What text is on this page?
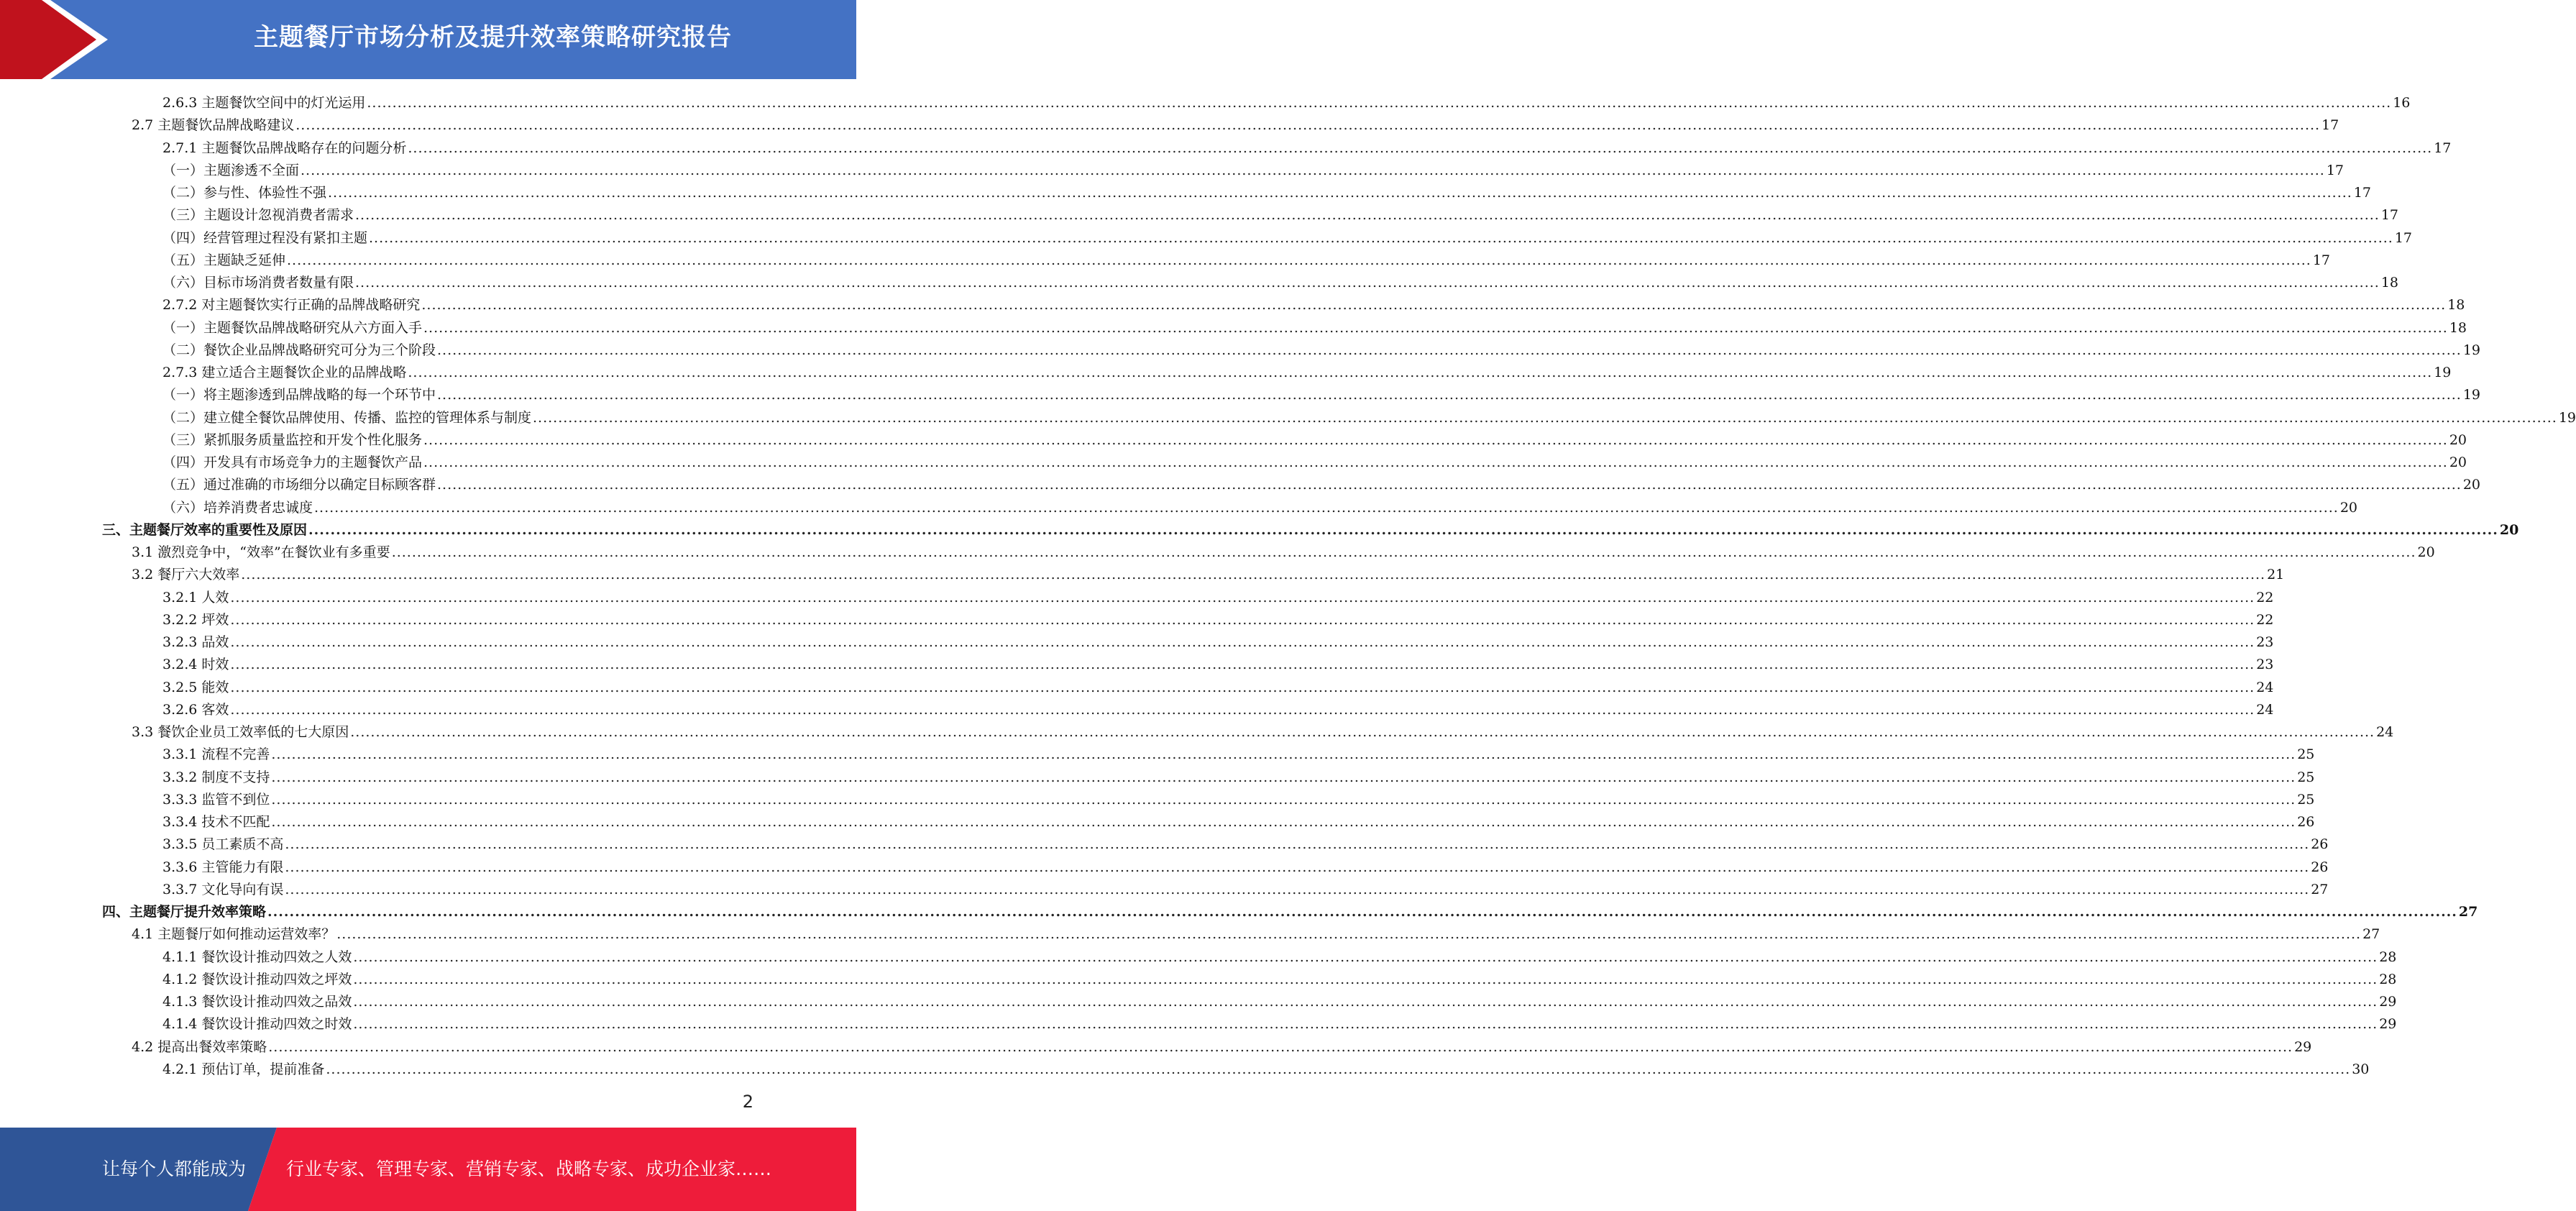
主题餐厅市场分析及提升效率策略研究报告
2.6.3 主题餐饮空间中的灯光运用 ................................................................................................................................................................................................................................................................................................................................................................................................................ 16
2.7 主题餐饮品牌战略建议 ................................................................................................................................................................................................................................................................................................................................................................................................................ 17
2.7.1 主题餐饮品牌战略存在的问题分析 ................................................................................................................................................................................................................................................................................................................................................................................................................ 17
（一）主题渗透不全面 ................................................................................................................................................................................................................................................................................................................................................................................................................ 17
（二）参与性、体验性不强 ................................................................................................................................................................................................................................................................................................................................................................................................................ 17
（三）主题设计忽视消费者需求 ................................................................................................................................................................................................................................................................................................................................................................................................................ 17
（四）经营管理过程没有紧扣主题 ................................................................................................................................................................................................................................................................................................................................................................................................................ 17
（五）主题缺乏延伸 ................................................................................................................................................................................................................................................................................................................................................................................................................ 17
（六）目标市场消费者数量有限 ................................................................................................................................................................................................................................................................................................................................................................................................................ 18
2.7.2 对主题餐饮实行正确的品牌战略研究 ................................................................................................................................................................................................................................................................................................................................................................................................................ 18
（一）主题餐饮品牌战略研究从六方面入手 ................................................................................................................................................................................................................................................................................................................................................................................................................ 18
（二）餐饮企业品牌战略研究可分为三个阶段 ................................................................................................................................................................................................................................................................................................................................................................................................................ 19
2.7.3 建立适合主题餐饮企业的品牌战略 ................................................................................................................................................................................................................................................................................................................................................................................................................ 19
（一）将主题渗透到品牌战略的每一个环节中 ................................................................................................................................................................................................................................................................................................................................................................................................................ 19
（二）建立健全餐饮品牌使用、传播、监控的管理体系与制度 ................................................................................................................................................................................................................................................................................................................................................................................................................ 19
（三）紧抓服务质量监控和开发个性化服务 ................................................................................................................................................................................................................................................................................................................................................................................................................ 20
（四）开发具有市场竞争力的主题餐饮产品 ................................................................................................................................................................................................................................................................................................................................................................................................................ 20
（五）通过准确的市场细分以确定目标顾客群 ................................................................................................................................................................................................................................................................................................................................................................................................................ 20
（六）培养消费者忠诚度 ................................................................................................................................................................................................................................................................................................................................................................................................................ 20
三、主题餐厅效率的重要性及原因 ................................................................................................................................................................................................................................................................................................................................................................................................................ 20
3.1 激烈竞争中，“效率”在餐饮业有多重要 ................................................................................................................................................................................................................................................................................................................................................................................................................ 20
3.2 餐厅六大效率 ................................................................................................................................................................................................................................................................................................................................................................................................................ 21
3.2.1 人效 ................................................................................................................................................................................................................................................................................................................................................................................................................ 22
3.2.2 坪效 ................................................................................................................................................................................................................................................................................................................................................................................................................ 22
3.2.3 品效 ................................................................................................................................................................................................................................................................................................................................................................................................................ 23
3.2.4 时效 ................................................................................................................................................................................................................................................................................................................................................................................................................ 23
3.2.5 能效 ................................................................................................................................................................................................................................................................................................................................................................................................................ 24
3.2.6 客效 ................................................................................................................................................................................................................................................................................................................................................................................................................ 24
3.3 餐饮企业员工效率低的七大原因 ................................................................................................................................................................................................................................................................................................................................................................................................................ 24
3.3.1 流程不完善 ................................................................................................................................................................................................................................................................................................................................................................................................................ 25
3.3.2 制度不支持 ................................................................................................................................................................................................................................................................................................................................................................................................................ 25
3.3.3 监管不到位 ................................................................................................................................................................................................................................................................................................................................................................................................................ 25
3.3.4 技术不匹配 ................................................................................................................................................................................................................................................................................................................................................................................................................ 26
3.3.5 员工素质不高 ................................................................................................................................................................................................................................................................................................................................................................................................................ 26
3.3.6 主管能力有限 ................................................................................................................................................................................................................................................................................................................................................................................................................ 26
3.3.7 文化导向有误 ................................................................................................................................................................................................................................................................................................................................................................................................................ 27
四、主题餐厅提升效率策略 ................................................................................................................................................................................................................................................................................................................................................................................................................ 27
4.1 主题餐厅如何推动运营效率？ ................................................................................................................................................................................................................................................................................................................................................................................................................ 27
4.1.1 餐饮设计推动四效之人效 ................................................................................................................................................................................................................................................................................................................................................................................................................ 28
4.1.2 餐饮设计推动四效之坪效 ................................................................................................................................................................................................................................................................................................................................................................................................................ 28
4.1.3 餐饮设计推动四效之品效 ................................................................................................................................................................................................................................................................................................................................................................................................................ 29
4.1.4 餐饮设计推动四效之时效 ................................................................................................................................................................................................................................................................................................................................................................................................................ 29
4.2 提高出餐效率策略 ................................................................................................................................................................................................................................................................................................................................................................................................................ 29
4.2.1 预估订单，提前准备 ................................................................................................................................................................................................................................................................................................................................................................................................................ 30
2
让每个人都能成为 行业专家、管理专家、营销专家、战略专家、成功企业家……
